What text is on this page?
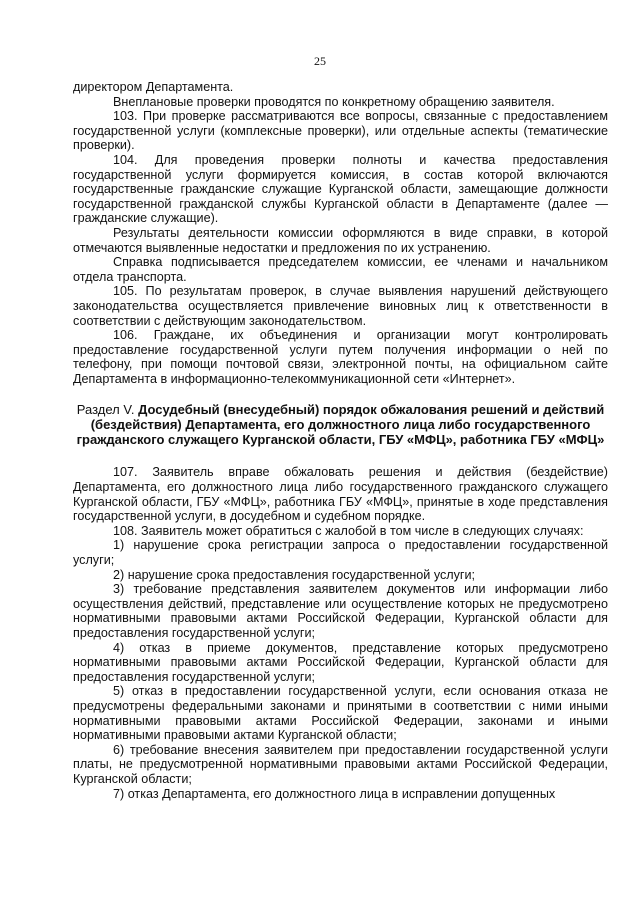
25

директором Департамента.

Внеплановые проверки проводятся по конкретному обращению заявителя.

103. При проверке рассматриваются все вопросы, связанные с предоставлением государственной услуги (комплексные проверки), или отдельные аспекты (тематические проверки).

104. Для проведения проверки полноты и качества предоставления государственной услуги формируется комиссия, в состав которой включаются государственные гражданские служащие Курганской области, замещающие должности государственной гражданской службы Курганской области в Департаменте (далее — гражданские служащие).

Результаты деятельности комиссии оформляются в виде справки, в которой отмечаются выявленные недостатки и предложения по их устранению.

Справка подписывается председателем комиссии, ее членами и начальником отдела транспорта.

105. По результатам проверок, в случае выявления нарушений действующего законодательства осуществляется привлечение виновных лиц к ответственности в соответствии с действующим законодательством.

106. Граждане, их объединения и организации могут контролировать предоставление государственной услуги путем получения информации о ней по телефону, при помощи почтовой связи, электронной почты, на официальном сайте Департамента в информационно-телекоммуникационной сети «Интернет».

Раздел V. Досудебный (внесудебный) порядок обжалования решений и действий (бездействия) Департамента, его должностного лица либо государственного гражданского служащего Курганской области, ГБУ «МФЦ», работника ГБУ «МФЦ»

107. Заявитель вправе обжаловать решения и действия (бездействие) Департамента, его должностного лица либо государственного гражданского служащего Курганской области, ГБУ «МФЦ», работника ГБУ «МФЦ», принятые в ходе представления государственной услуги, в досудебном и судебном порядке.

108. Заявитель может обратиться с жалобой в том числе в следующих случаях:

1) нарушение срока регистрации запроса о предоставлении государственной услуги;

2) нарушение срока предоставления государственной услуги;

3) требование представления заявителем документов или информации либо осуществления действий, представление или осуществление которых не предусмотрено нормативными правовыми актами Российской Федерации, Курганской области для предоставления государственной услуги;

4) отказ в приеме документов, представление которых предусмотрено нормативными правовыми актами Российской Федерации, Курганской области для предоставления государственной услуги;

5) отказ в предоставлении государственной услуги, если основания отказа не предусмотрены федеральными законами и принятыми в соответствии с ними иными нормативными правовыми актами Российской Федерации, законами и иными нормативными правовыми актами Курганской области;

6) требование внесения заявителем при предоставлении государственной услуги платы, не предусмотренной нормативными правовыми актами Российской Федерации, Курганской области;

7) отказ Департамента, его должностного лица в исправлении допущенных
